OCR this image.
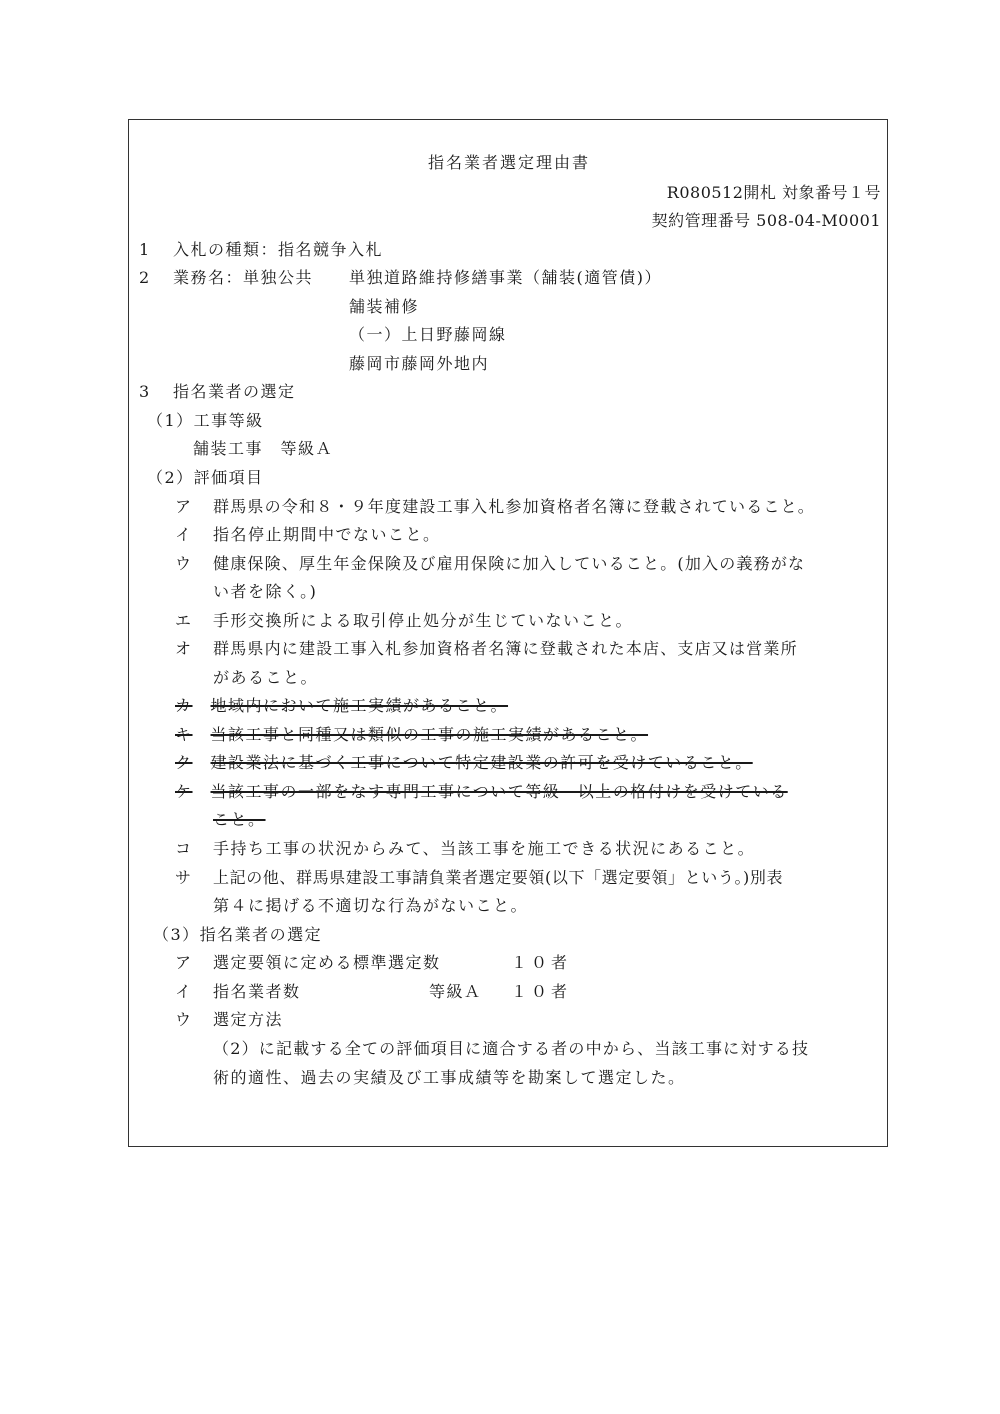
指名業者選定理由書
R080512開札 対象番号１号
契約管理番号 508-04-M0001
1 入札の種類：指名競争入札
2 業務名：単独公共 単独道路維持修繕事業（舗装(適管債)）
舗装補修
（一）上日野藤岡線
藤岡市藤岡外地内
3 指名業者の選定
（1）工事等級
舗装工事　等級Ａ
（2）評価項目
ア 群馬県の令和８・９年度建設工事入札参加資格者名簿に登載されていること。
イ 指名停止期間中でないこと。
ウ 健康保険、厚生年金保険及び雇用保険に加入していること。(加入の義務がな
い者を除く。)
エ 手形交換所による取引停止処分が生じていないこと。
オ 群馬県内に建設工事入札参加資格者名簿に登載された本店、支店又は営業所
があること。
カ 地域内において施工実績があること。
キ 当該工事と同種又は類似の工事の施工実績があること。
ク 建設業法に基づく工事について特定建設業の許可を受けていること。
ケ 当該工事の一部をなす専門工事について等級　以上の格付けを受けている
こと。
コ 手持ち工事の状況からみて、当該工事を施工できる状況にあること。
サ 上記の他、群馬県建設工事請負業者選定要領(以下「選定要領」という。)別表
第４に掲げる不適切な行為がないこと。
（3）指名業者の選定
ア 選定要領に定める標準選定数	１０者
イ 指名業者数	等級Ａ １０者
ウ 選定方法
（2）に記載する全ての評価項目に適合する者の中から、当該工事に対する技
術的適性、過去の実績及び工事成績等を勘案して選定した。
